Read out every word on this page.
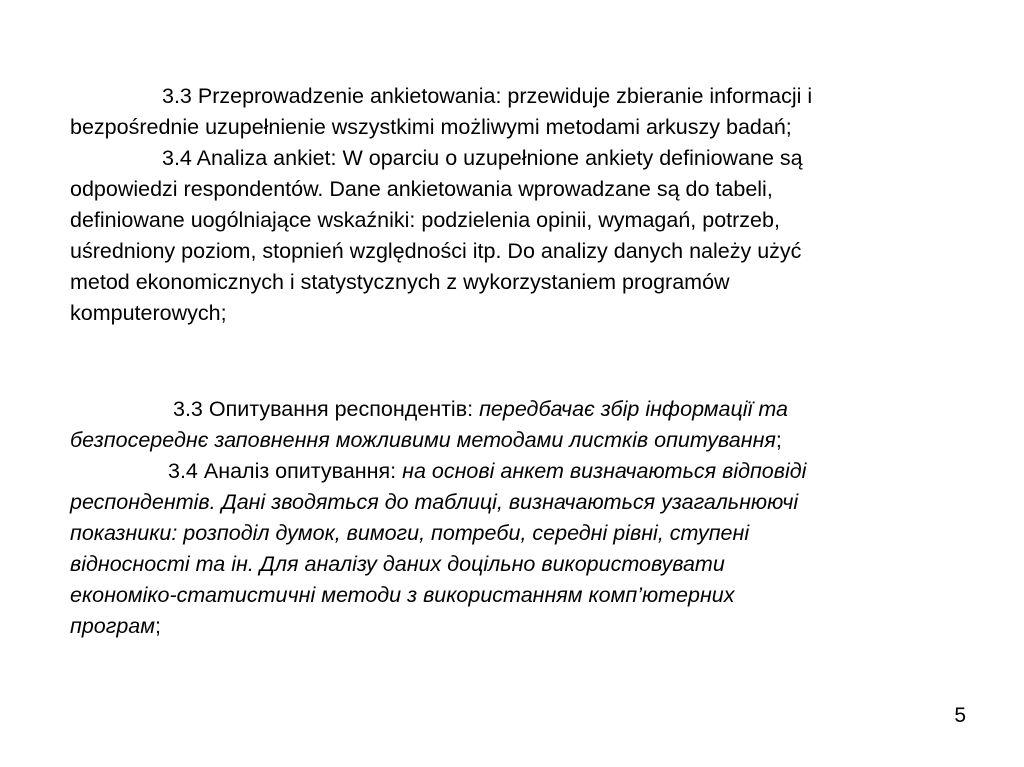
3.3 Przeprowadzenie ankietowania: przewiduje zbieranie informacji i
bezpośrednie uzupełnienie wszystkimi możliwymi metodami arkuszy badań;
3.4 Analiza ankiet: W oparciu o uzupełnione ankiety definiowane są
odpowiedzi respondentów. Dane ankietowania wprowadzane są do tabeli,
definiowane uogólniające wskaźniki: podzielenia opinii, wymagań, potrzeb,
uśredniony poziom, stopnień względności itp. Do analizy danych należy użyć
metod ekonomicznych i statystycznych z wykorzystaniem programów
komputerowych;
3.3 Опитування респондентів: передбачає збір інформації та
безпосереднє заповнення можливими методами листків опитування;
3.4 Аналіз опитування: на основі анкет визначаються відповіді
респондентів. Дані зводяться до таблиці, визначаються узагальнюючі
показники: розподіл думок, вимоги, потреби, середні рівні, ступені
відносності та ін. Для аналізу даних доцільно використовувати
економіко-статистичні методи з використанням комп’ютерних
програм;
5
